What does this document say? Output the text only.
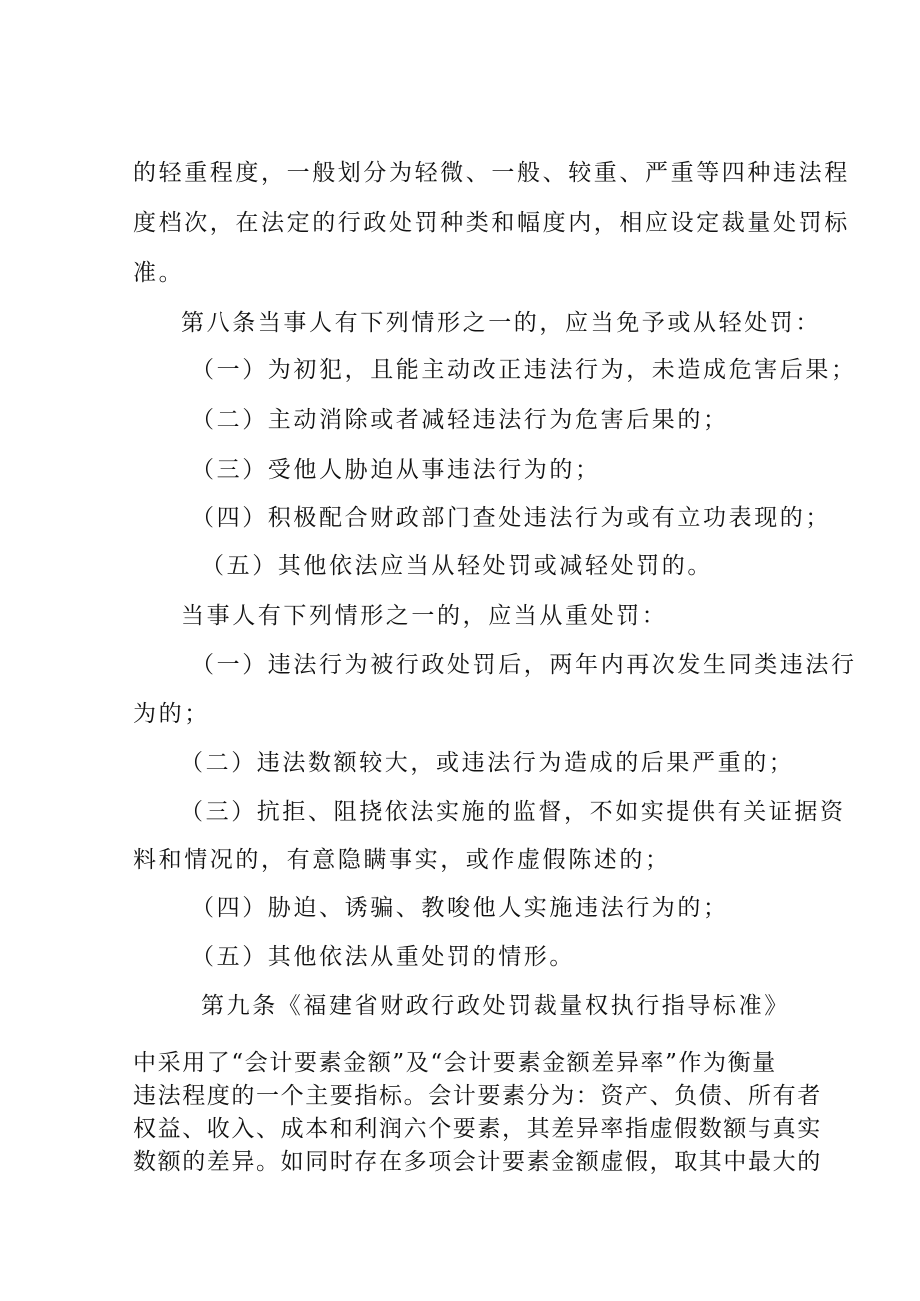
的轻重程度，一般划分为轻微、一般、较重、严重等四种违法程
度档次，在法定的行政处罚种类和幅度内，相应设定裁量处罚标
准。
第八条当事人有下列情形之一的，应当免予或从轻处罚：
（一）为初犯，且能主动改正违法行为，未造成危害后果；
（二）主动消除或者减轻违法行为危害后果的；
（三）受他人胁迫从事违法行为的；
（四）积极配合财政部门查处违法行为或有立功表现的；
（五）其他依法应当从轻处罚或减轻处罚的。
当事人有下列情形之一的，应当从重处罚：
（一）违法行为被行政处罚后，两年内再次发生同类违法行
为的；
（二）违法数额较大，或违法行为造成的后果严重的；
（三）抗拒、阻挠依法实施的监督，不如实提供有关证据资
料和情况的，有意隐瞒事实，或作虚假陈述的；
（四）胁迫、诱骗、教唆他人实施违法行为的；
（五）其他依法从重处罚的情形。
第九条《福建省财政行政处罚裁量权执行指导标准》
中采用了“会计要素金额”及“会计要素金额差异率”作为衡量
违法程度的一个主要指标。会计要素分为：资产、负债、所有者
权益、收入、成本和利润六个要素，其差异率指虚假数额与真实
数额的差异。如同时存在多项会计要素金额虚假，取其中最大的
